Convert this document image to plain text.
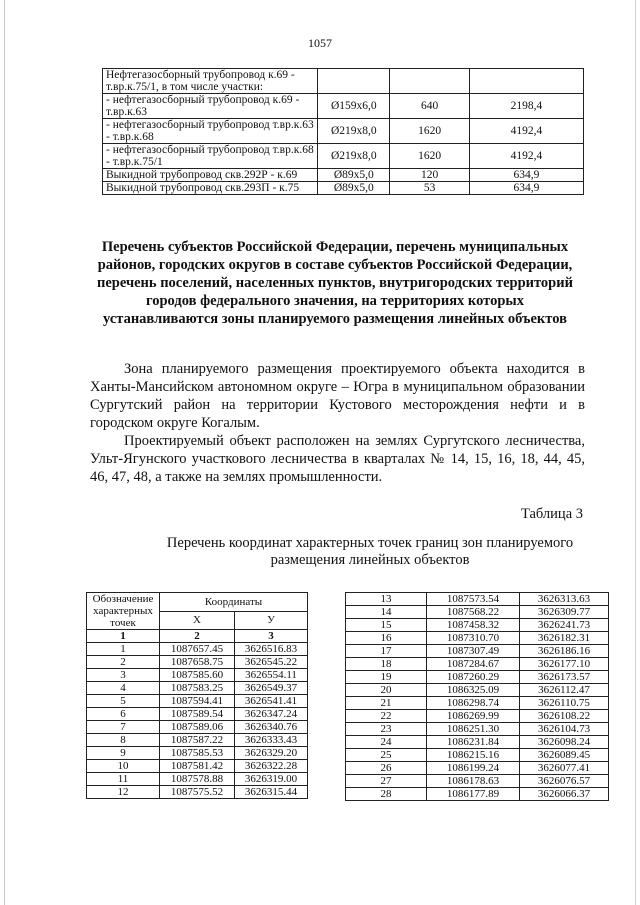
1057
Нефтегазосборный трубопровод к.69 - т.вр.к.75/1, в том числе участки:			
- нефтегазосборный трубопровод к.69 - т.вр.к.63	Ø159x6,0	640	2198,4
- нефтегазосборный трубопровод т.вр.к.63 - т.вр.к.68	Ø219x8,0	1620	4192,4
- нефтегазосборный трубопровод т.вр.к.68 - т.вр.к.75/1	Ø219x8,0	1620	4192,4
Выкидной трубопровод скв.292Р - к.69	Ø89x5,0	120	634,9
Выкидной трубопровод скв.293П - к.75	Ø89x5,0	53	634,9
Перечень субъектов Российской Федерации, перечень муниципальных районов, городских округов в составе субъектов Российской Федерации, перечень поселений, населенных пунктов, внутригородских территорий городов федерального значения, на территориях которых устанавливаются зоны планируемого размещения линейных объектов

Зона планируемого размещения проектируемого объекта находится в Ханты-Мансийском автономном округе – Югра в муниципальном образовании Сургутский район на территории Кустового месторождения нефти и в городском округе Когалым.

Проектируемый объект расположен на землях Сургутского лесничества, Ульт-Ягунского участкового лесничества в кварталах № 14, 15, 16, 18, 44, 45, 46, 47, 48, а также на землях промышленности.

Таблица 3
Перечень координат характерных точек границ зон планируемого
размещения линейных объектов
Обозначение характерных точек	Координаты	
	X	У
1	2	3
1	1087657.45	3626516.83
2	1087658.75	3626545.22
3	1087585.60	3626554.11
4	1087583.25	3626549.37
5	1087594.41	3626541.41
6	1087589.54	3626347.24
7	1087589.06	3626340.76
8	1087587.22	3626333.43
9	1087585.53	3626329.20
10	1087581.42	3626322.28
11	1087578.88	3626319.00
12	1087575.52	3626315.44
13	1087573.54	3626313.63
14	1087568.22	3626309.77
15	1087458.32	3626241.73
16	1087310.70	3626182.31
17	1087307.49	3626186.16
18	1087284.67	3626177.10
19	1087260.29	3626173.57
20	1086325.09	3626112.47
21	1086298.74	3626110.75
22	1086269.99	3626108.22
23	1086251.30	3626104.73
24	1086231.84	3626098.24
25	1086215.16	3626089.45
26	1086199.24	3626077.41
27	1086178.63	3626076.57
28	1086177.89	3626066.37
